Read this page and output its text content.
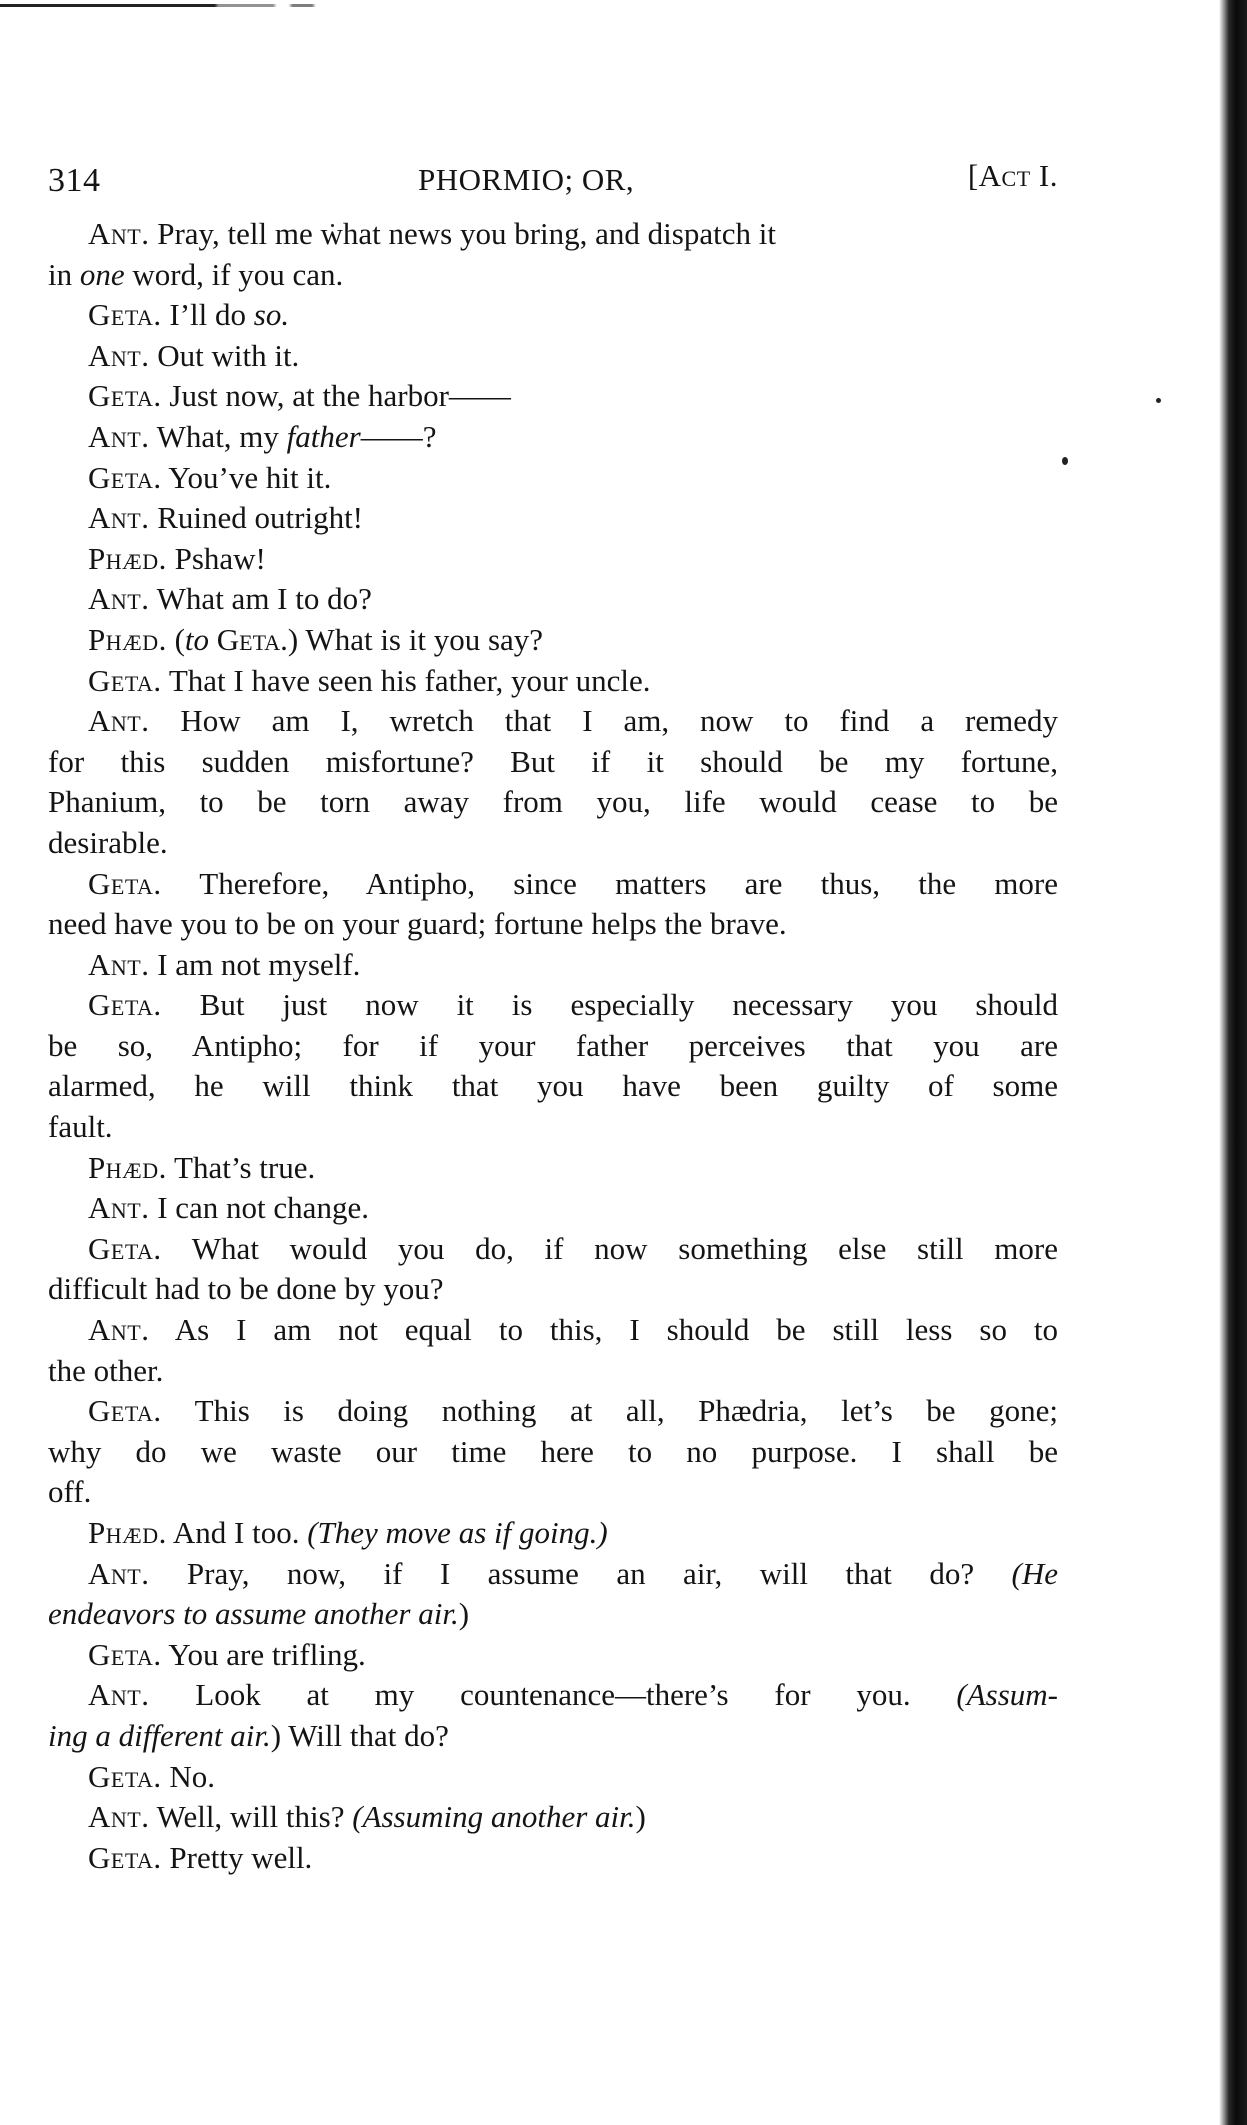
314	PHORMIO; OR,	[Act I.
Ant. Pray, tell me what news you bring, and dispatch it
in one word, if you can.
Geta. I’ll do so.
Ant. Out with it.
Geta. Just now, at the harbor——
Ant. What, my father——?
Geta. You’ve hit it.
Ant. Ruined outright!
Phæd. Pshaw!
Ant. What am I to do?
Phæd. (to Geta.) What is it you say?
Geta. That I have seen his father, your uncle.
Ant. How am I, wretch that I am, now to find a remedy
for this sudden misfortune? But if it should be my fortune,
Phanium, to be torn away from you, life would cease to be
desirable.
Geta. Therefore, Antipho, since matters are thus, the more
need have you to be on your guard; fortune helps the brave.
Ant. I am not myself.
Geta. But just now it is especially necessary you should
be so, Antipho; for if your father perceives that you are
alarmed, he will think that you have been guilty of some
fault.
Phæd. That’s true.
Ant. I can not change.
Geta. What would you do, if now something else still more
difficult had to be done by you?
Ant. As I am not equal to this, I should be still less so to
the other.
Geta. This is doing nothing at all, Phædria, let’s be gone;
why do we waste our time here to no purpose. I shall be
off.
Phæd. And I too. (They move as if going.)
Ant. Pray, now, if I assume an air, will that do? (He
endeavors to assume another air.)
Geta. You are trifling.
Ant. Look at my countenance—there’s for you. (Assum-
ing a different air.) Will that do?
Geta. No.
Ant. Well, will this? (Assuming another air.)
Geta. Pretty well.
